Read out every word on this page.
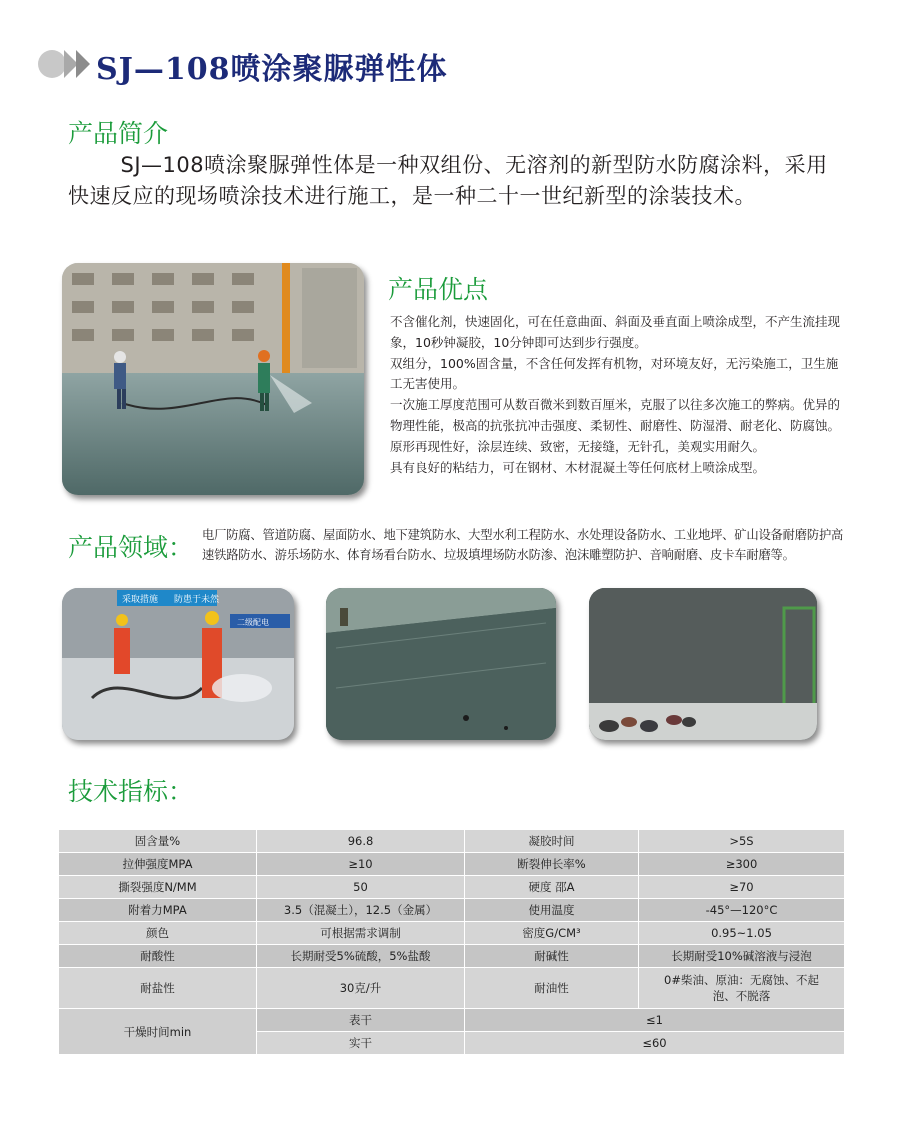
SJ—108喷涂聚脲弹性体
产品简介
SJ—108喷涂聚脲弹性体是一种双组份、无溶剂的新型防水防腐涂料，采用快速反应的现场喷涂技术进行施工，是一种二十一世纪新型的涂装技术。
产品优点
不含催化剂，快速固化，可在任意曲面、斜面及垂直面上喷涂成型，不产生流挂现象，10秒钟凝胶，10分钟即可达到步行强度。
双组分，100%固含量，不含任何发挥有机物，对环境友好，无污染施工，卫生施工无害使用。
一次施工厚度范围可从数百微米到数百厘米，克服了以往多次施工的弊病。优异的物理性能，极高的抗张抗冲击强度、柔韧性、耐磨性、防湿滑、耐老化、防腐蚀。
原形再现性好，涂层连续、致密，无接缝，无针孔，美观实用耐久。
具有良好的粘结力，可在钢材、木材混凝土等任何底材上喷涂成型。
产品领域： 电厂防腐、管道防腐、屋面防水、地下建筑防水、大型水利工程防水、水处理设备防水、工业地坪、矿山设备耐磨防护高速铁路防水、游乐场防水、体育场看台防水、垃圾填埋场防水防渗、泡沫雕塑防护、音响耐磨、皮卡车耐磨等。
采取措施 防患于未然
二级配电
技术指标：
固含量%	96.8	凝胶时间	>5S
拉伸强度MPA	≥10	断裂伸长率%	≥300
撕裂强度N/MM	50	硬度 邵A	≥70
附着力MPA	3.5（混凝土），12.5（金属）	使用温度	-45°—120°C
颜色	可根据需求调制	密度G/CM³	0.95~1.05
耐酸性	长期耐受5%硫酸，5%盐酸	耐碱性	长期耐受10%碱溶液与浸泡
耐盐性	30克/升	耐油性	0#柴油、原油：无腐蚀、不起泡、不脱落
干燥时间min	表干	≤1	
	实干	≤60	
